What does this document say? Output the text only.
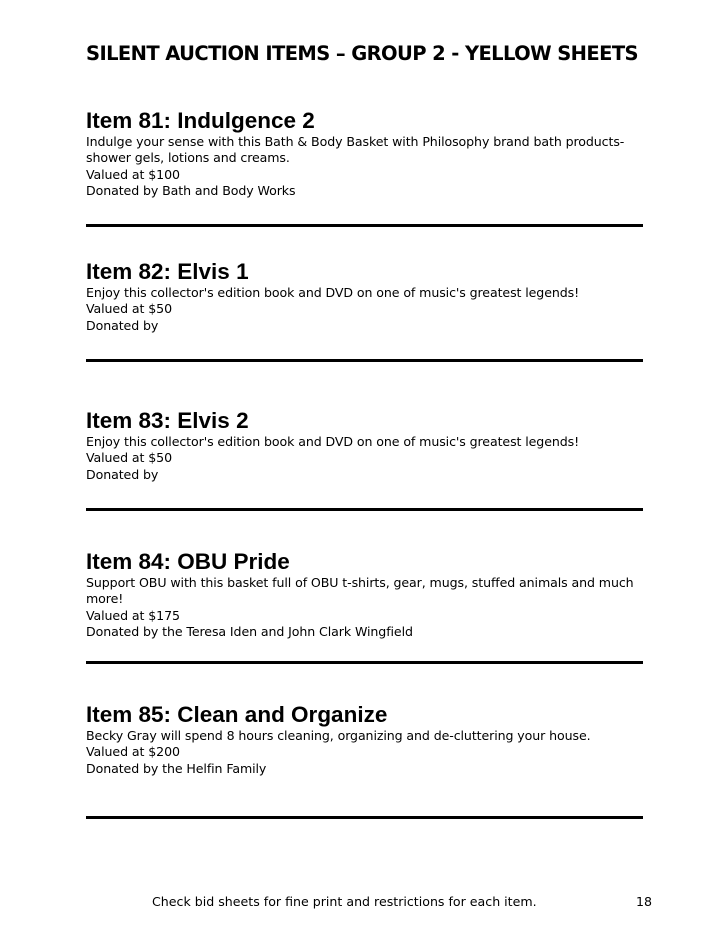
SILENT AUCTION ITEMS – GROUP 2 - YELLOW SHEETS
Item 81: Indulgence 2
Indulge your sense with this Bath & Body Basket with Philosophy brand bath products-shower gels, lotions and creams.
Valued at $100
Donated by Bath and Body Works
Item 82: Elvis 1
Enjoy this collector's edition book and DVD on one of music's greatest legends!
Valued at $50
Donated by
Item 83: Elvis 2
Enjoy this collector's edition book and DVD on one of music's greatest legends!
Valued at $50
Donated by
Item 84: OBU Pride
Support OBU with this basket full of OBU t-shirts, gear, mugs, stuffed animals and much more!
Valued at $175
Donated by the Teresa Iden and John Clark Wingfield
Item 85: Clean and Organize
Becky Gray will spend 8 hours cleaning, organizing and de-cluttering your house.
Valued at $200
Donated by the Helfin Family
Check bid sheets for fine print and restrictions for each item.	18
